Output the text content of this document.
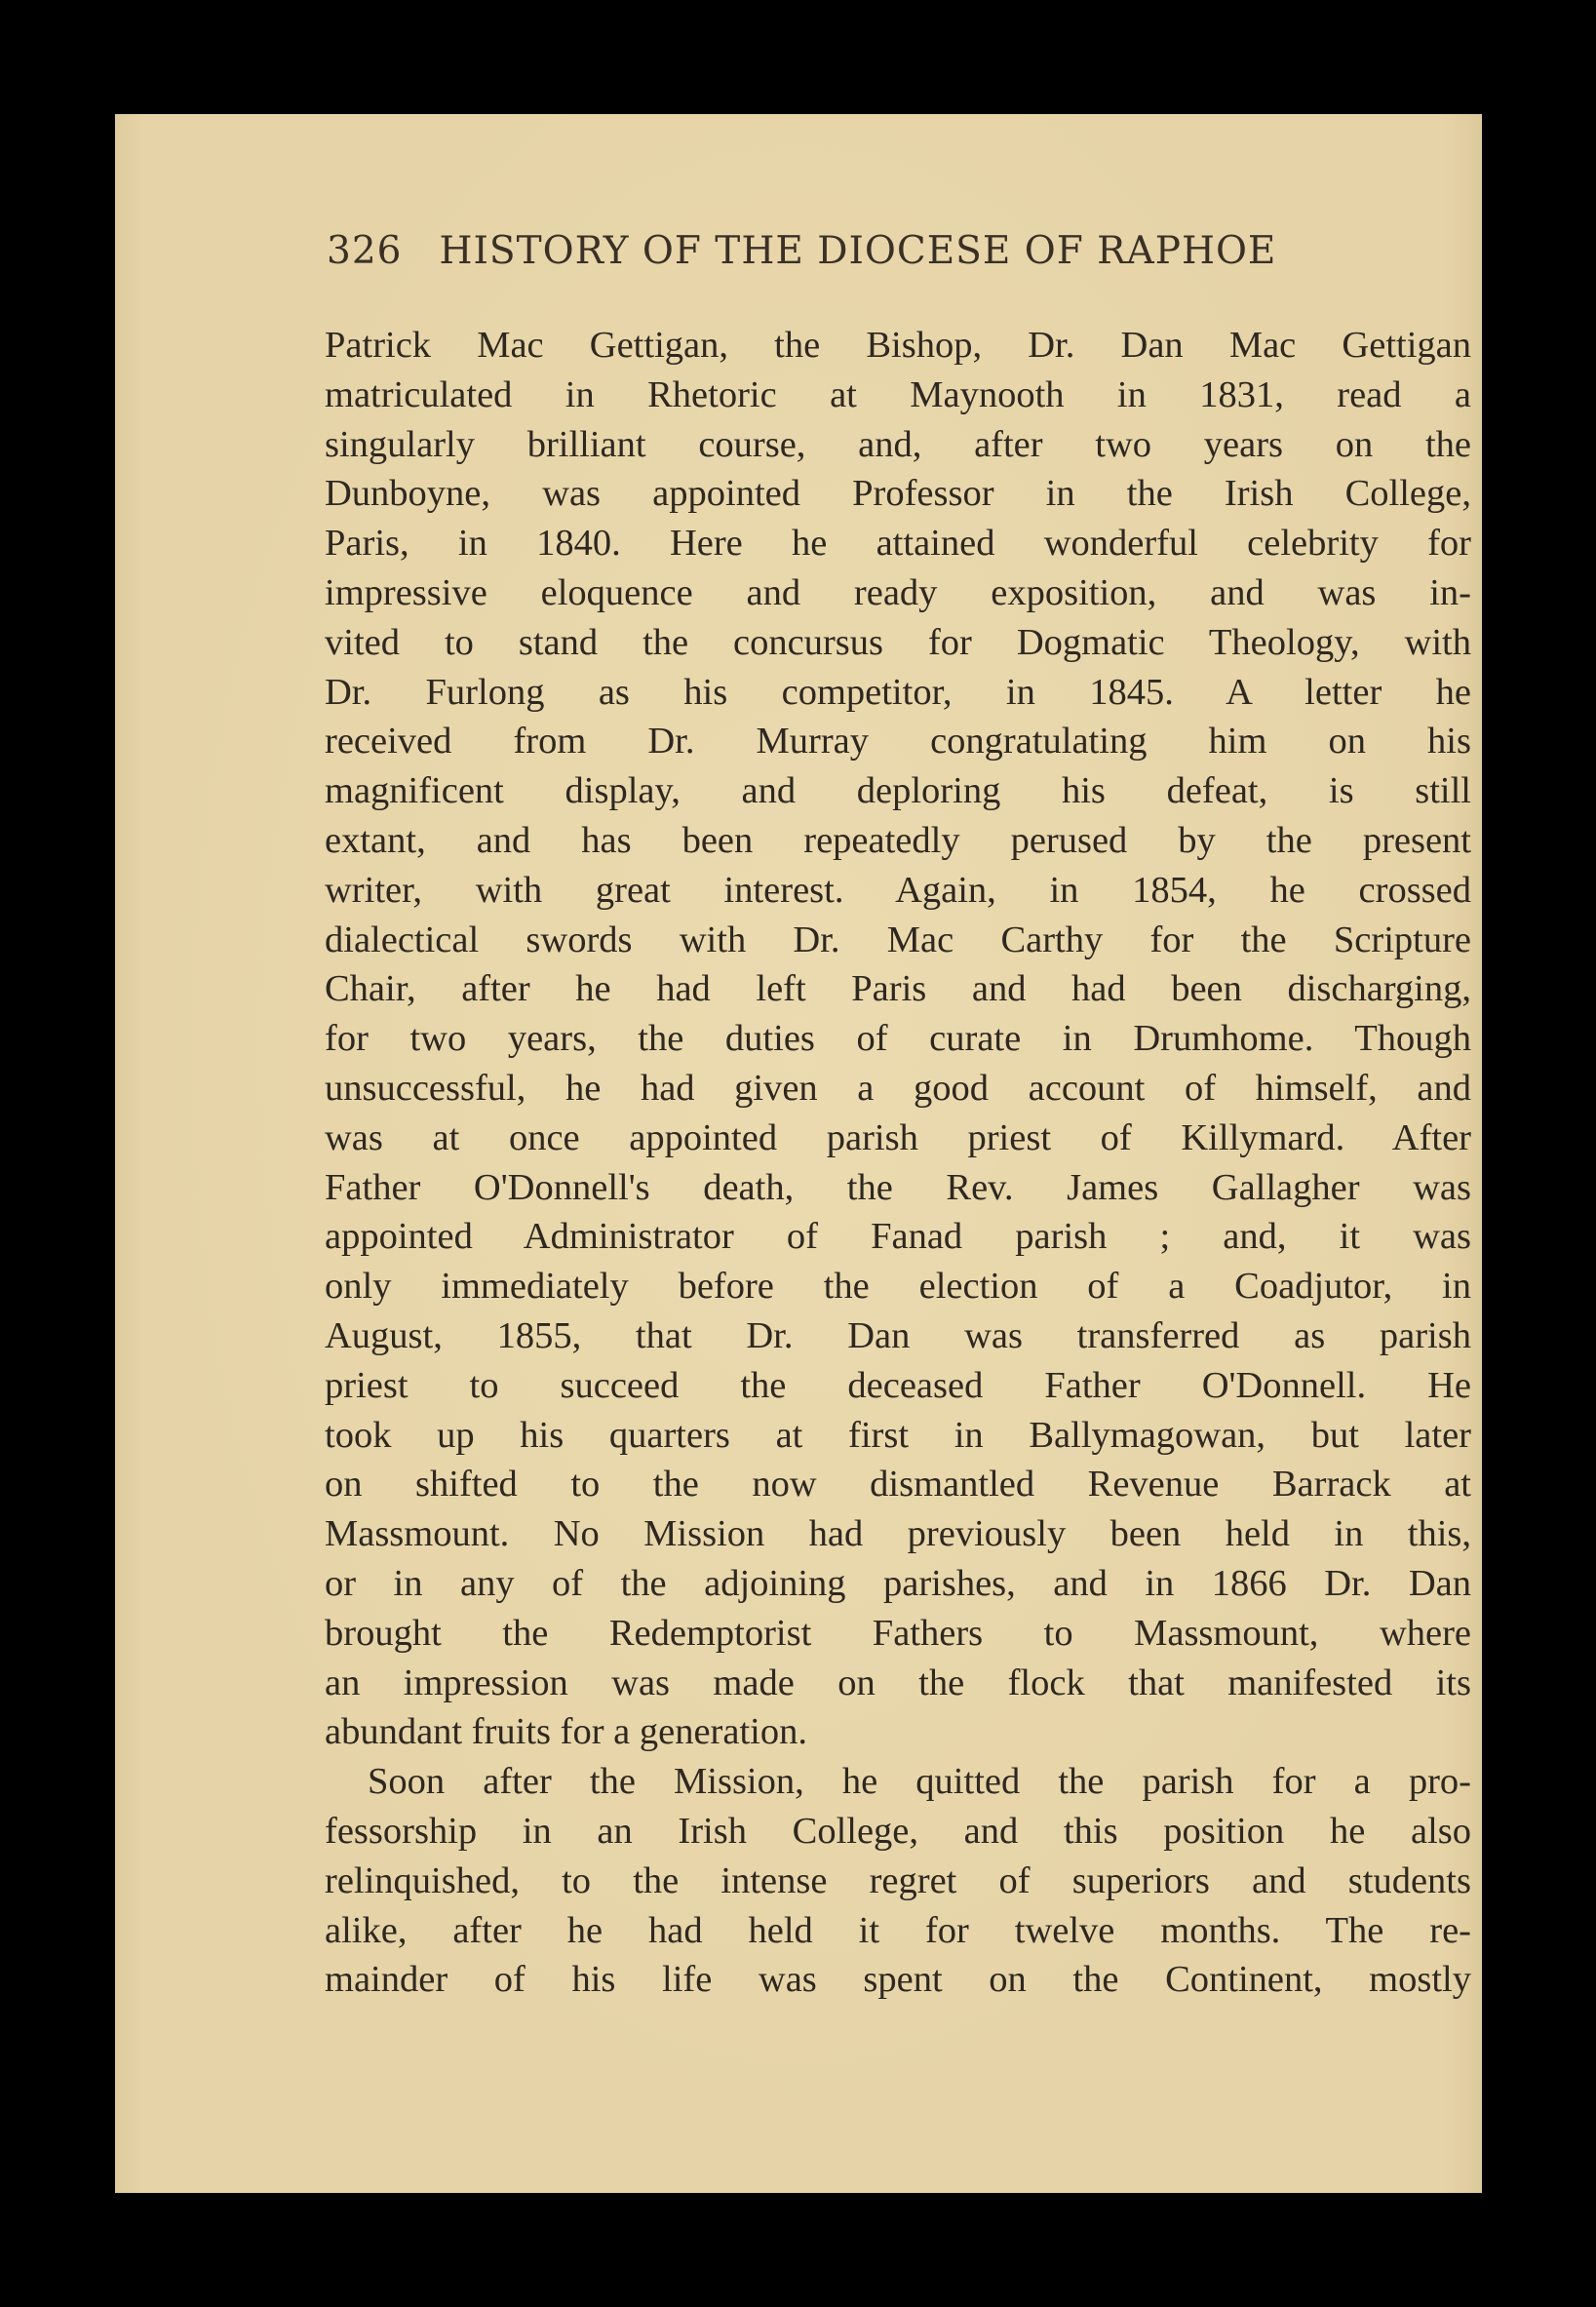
326 HISTORY OF THE DIOCESE OF RAPHOE
Patrick Mac Gettigan, the Bishop, Dr. Dan Mac Gettigan
matriculated in Rhetoric at Maynooth in 1831, read a
singularly brilliant course, and, after two years on the
Dunboyne, was appointed Professor in the Irish College,
Paris, in 1840. Here he attained wonderful celebrity for
impressive eloquence and ready exposition, and was in-
vited to stand the concursus for Dogmatic Theology, with
Dr. Furlong as his competitor, in 1845. A letter he
received from Dr. Murray congratulating him on his
magnificent display, and deploring his defeat, is still
extant, and has been repeatedly perused by the present
writer, with great interest. Again, in 1854, he crossed
dialectical swords with Dr. Mac Carthy for the Scripture
Chair, after he had left Paris and had been discharging,
for two years, the duties of curate in Drumhome. Though
unsuccessful, he had given a good account of himself, and
was at once appointed parish priest of Killymard. After
Father O'Donnell's death, the Rev. James Gallagher was
appointed Administrator of Fanad parish ; and, it was
only immediately before the election of a Coadjutor, in
August, 1855, that Dr. Dan was transferred as parish
priest to succeed the deceased Father O'Donnell. He
took up his quarters at first in Ballymagowan, but later
on shifted to the now dismantled Revenue Barrack at
Massmount. No Mission had previously been held in this,
or in any of the adjoining parishes, and in 1866 Dr. Dan
brought the Redemptorist Fathers to Massmount, where
an impression was made on the flock that manifested its
abundant fruits for a generation.
Soon after the Mission, he quitted the parish for a pro-
fessorship in an Irish College, and this position he also
relinquished, to the intense regret of superiors and students
alike, after he had held it for twelve months. The re-
mainder of his life was spent on the Continent, mostly
